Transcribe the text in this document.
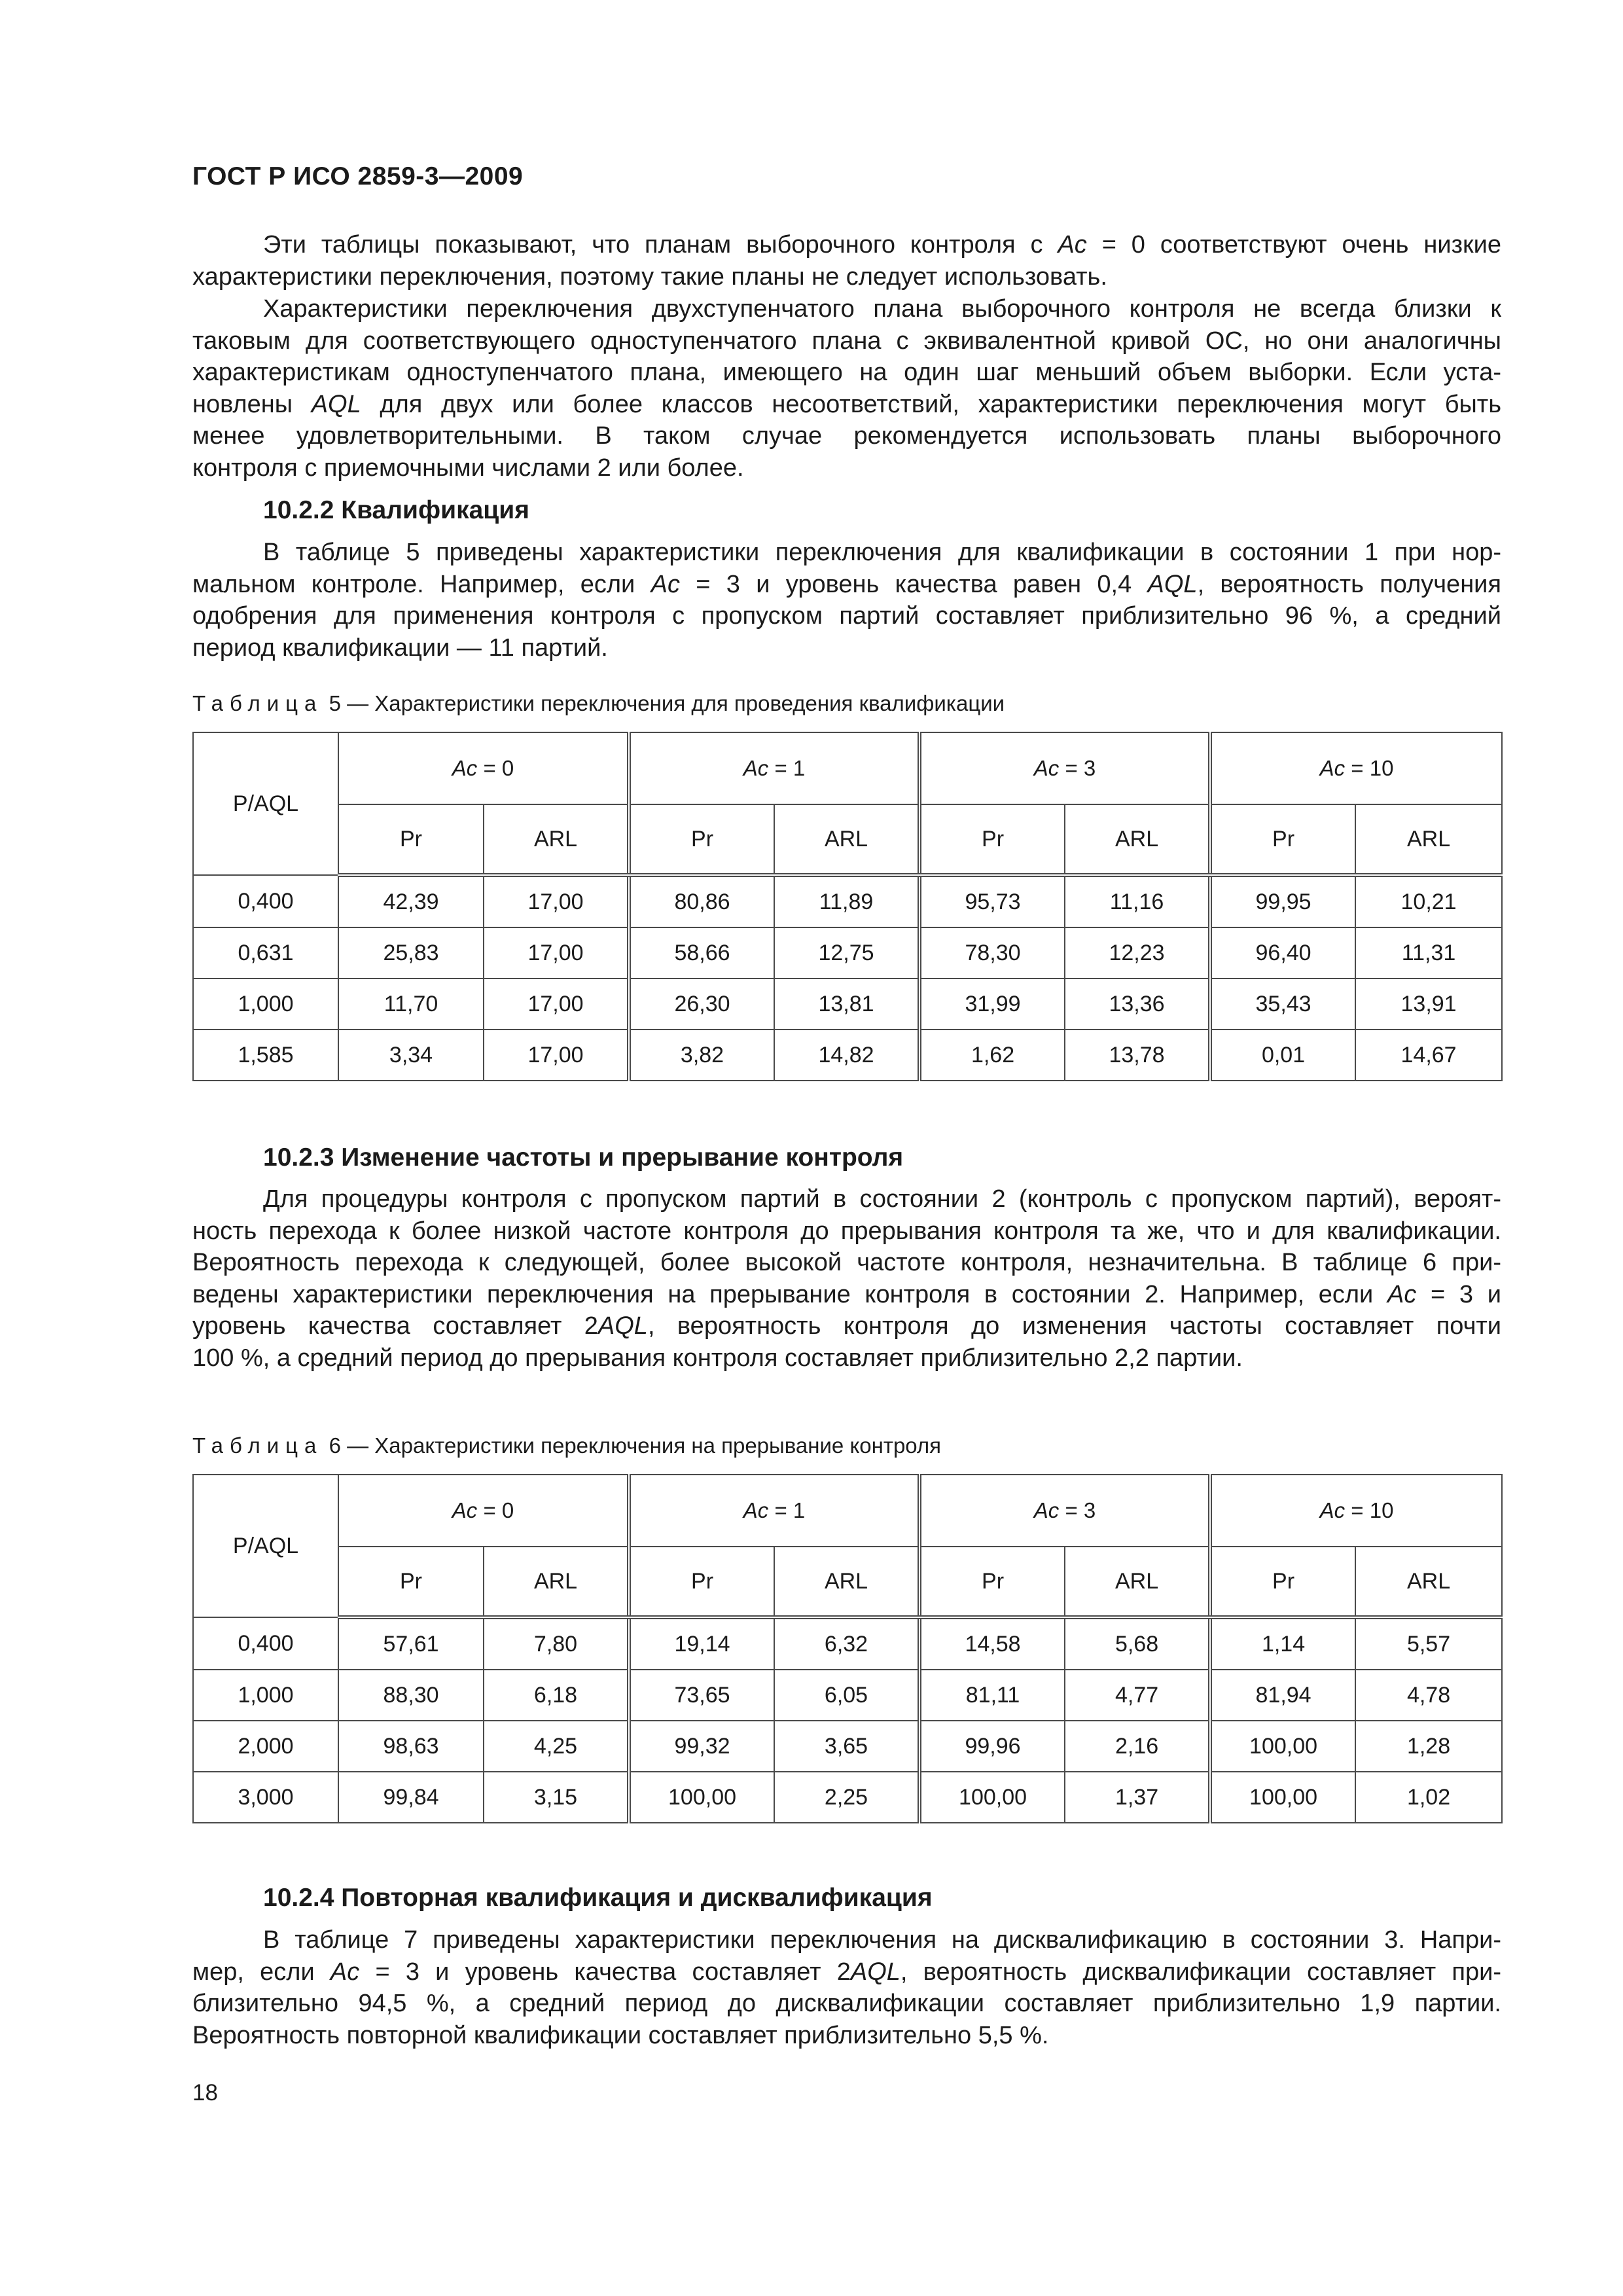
ГОСТ Р ИСО 2859-3—2009
Эти таблицы показывают, что планам выборочного контроля с Ac = 0 соответствуют очень низкие
характеристики переключения, поэтому такие планы не следует использовать.
Характеристики переключения двухступенчатого плана выборочного контроля не всегда близки к
таковым для соответствующего одноступенчатого плана с эквивалентной кривой ОС, но они аналогичны
характеристикам одноступенчатого плана, имеющего на один шаг меньший объем выборки. Если уста-
новлены AQL для двух или более классов несоответствий, характеристики переключения могут быть
менее удовлетворительными. В таком случае рекомендуется использовать планы выборочного
контроля с приемочными числами 2 или более.
10.2.2 Квалификация
В таблице 5 приведены характеристики переключения для квалификации в состоянии 1 при нор-
мальном контроле. Например, если Ac = 3 и уровень качества равен 0,4 AQL, вероятность получения
одобрения для применения контроля с пропуском партий составляет приблизительно 96 %, а средний
период квалификации — 11 партий.
Таблица 5 — Характеристики переключения для проведения квалификации
P/AQL	Ac = 0		Ac = 1		Ac = 3		Ac = 10	
	Pr	ARL	Pr	ARL	Pr	ARL	Pr	ARL
0,400	42,39	17,00	80,86	11,89	95,73	11,16	99,95	10,21
0,631	25,83	17,00	58,66	12,75	78,30	12,23	96,40	11,31
1,000	11,70	17,00	26,30	13,81	31,99	13,36	35,43	13,91
1,585	3,34	17,00	3,82	14,82	1,62	13,78	0,01	14,67
10.2.3 Изменение частоты и прерывание контроля
Для процедуры контроля с пропуском партий в состоянии 2 (контроль с пропуском партий), вероят-
ность перехода к более низкой частоте контроля до прерывания контроля та же, что и для квалификации.
Вероятность перехода к следующей, более высокой частоте контроля, незначительна. В таблице 6 при-
ведены характеристики переключения на прерывание контроля в состоянии 2. Например, если Ac = 3 и
уровень качества составляет 2AQL, вероятность контроля до изменения частоты составляет почти
100 %, а средний период до прерывания контроля составляет приблизительно 2,2 партии.
Таблица 6 — Характеристики переключения на прерывание контроля
P/AQL	Ac = 0		Ac = 1		Ac = 3		Ac = 10	
	Pr	ARL	Pr	ARL	Pr	ARL	Pr	ARL
0,400	57,61	7,80	19,14	6,32	14,58	5,68	1,14	5,57
1,000	88,30	6,18	73,65	6,05	81,11	4,77	81,94	4,78
2,000	98,63	4,25	99,32	3,65	99,96	2,16	100,00	1,28
3,000	99,84	3,15	100,00	2,25	100,00	1,37	100,00	1,02
10.2.4 Повторная квалификация и дисквалификация
В таблице 7 приведены характеристики переключения на дисквалификацию в состоянии 3. Напри-
мер, если Ac = 3 и уровень качества составляет 2AQL, вероятность дисквалификации составляет при-
близительно 94,5 %, а средний период до дисквалификации составляет приблизительно 1,9 партии.
Вероятность повторной квалификации составляет приблизительно 5,5 %.
18
